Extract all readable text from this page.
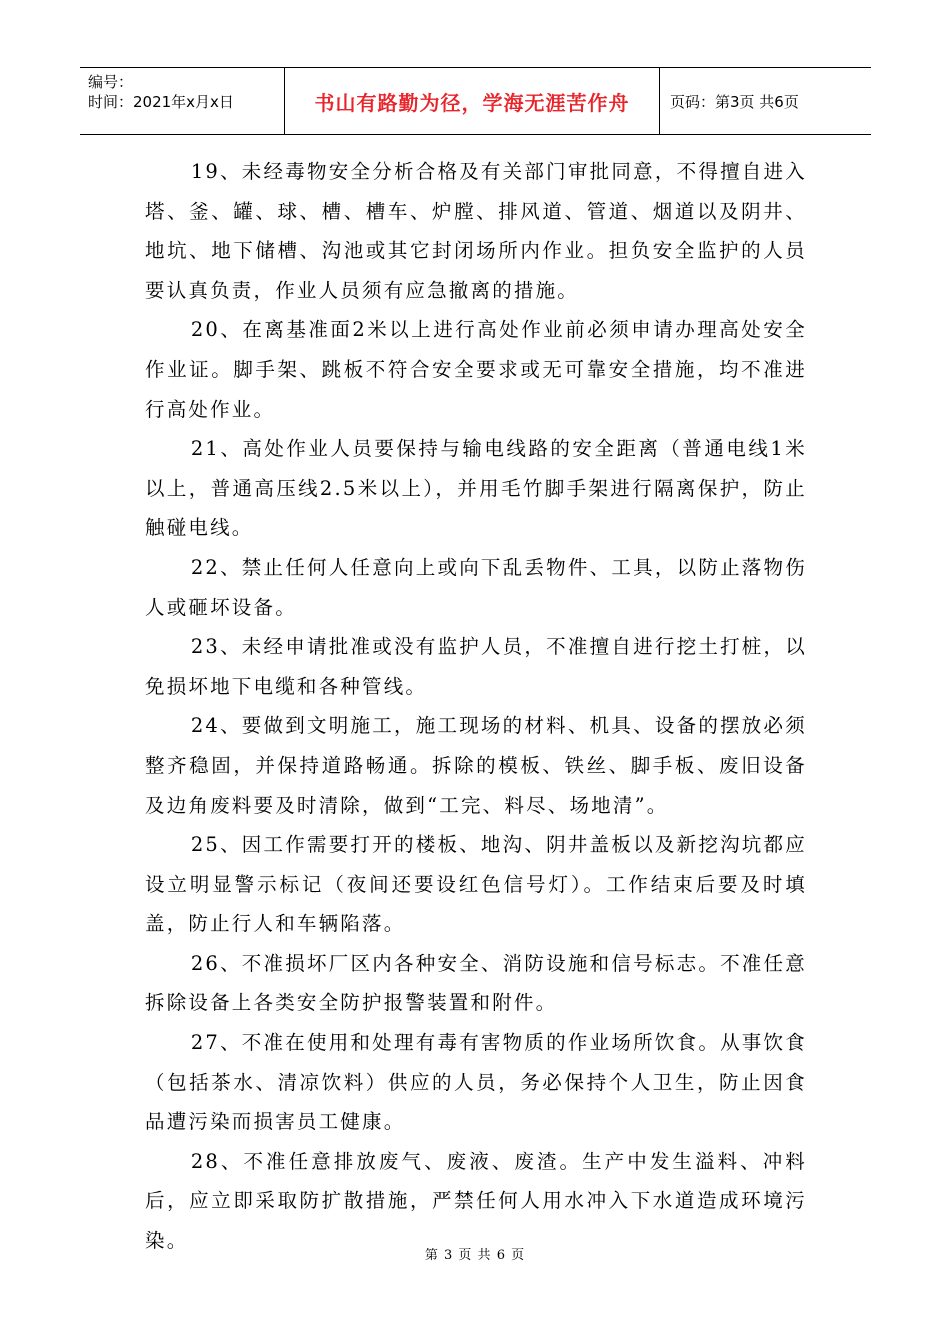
编号：
时间：2021年x月x日	书山有路勤为径，学海无涯苦作舟	页码：第3页 共6页

19、未经毒物安全分析合格及有关部门审批同意，不得擅自进入塔、釜、罐、球、槽、槽车、炉膛、排风道、管道、烟道以及阴井、地坑、地下储槽、沟池或其它封闭场所内作业。担负安全监护的人员要认真负责，作业人员须有应急撤离的措施。

20、在离基准面2米以上进行高处作业前必须申请办理高处安全作业证。脚手架、跳板不符合安全要求或无可靠安全措施，均不准进行高处作业。

21、高处作业人员要保持与输电线路的安全距离（普通电线1米以上，普通高压线2.5米以上），并用毛竹脚手架进行隔离保护，防止触碰电线。

22、禁止任何人任意向上或向下乱丢物件、工具，以防止落物伤人或砸坏设备。

23、未经申请批准或没有监护人员，不准擅自进行挖土打桩，以免损坏地下电缆和各种管线。

24、要做到文明施工，施工现场的材料、机具、设备的摆放必须整齐稳固，并保持道路畅通。拆除的模板、铁丝、脚手板、废旧设备及边角废料要及时清除，做到“工完、料尽、场地清”。

25、因工作需要打开的楼板、地沟、阴井盖板以及新挖沟坑都应设立明显警示标记（夜间还要设红色信号灯）。工作结束后要及时填盖，防止行人和车辆陷落。

26、不准损坏厂区内各种安全、消防设施和信号标志。不准任意拆除设备上各类安全防护报警装置和附件。

27、不准在使用和处理有毒有害物质的作业场所饮食。从事饮食（包括茶水、清凉饮料）供应的人员，务必保持个人卫生，防止因食品遭污染而损害员工健康。

28、不准任意排放废气、废液、废渣。生产中发生溢料、冲料后，应立即采取防扩散措施，严禁任何人用水冲入下水道造成环境污染。

第 3 页 共 6 页
